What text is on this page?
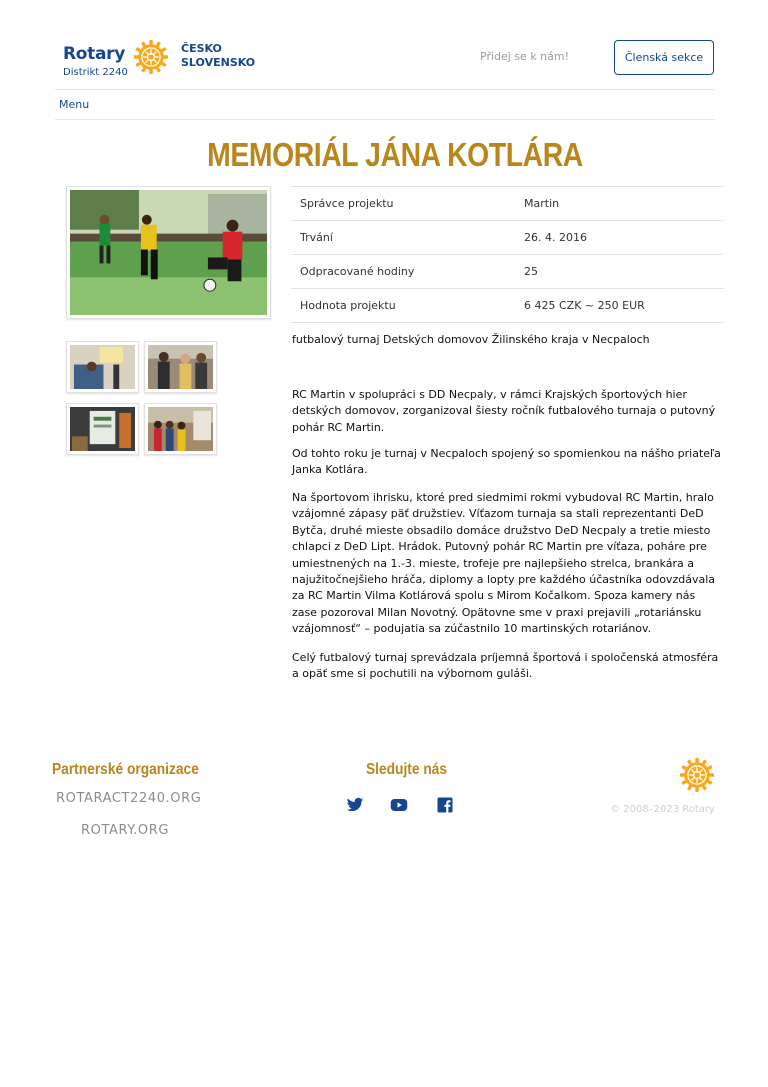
Rotary
Distrikt 2240
ČESKO
SLOVENSKO	Přidej se k nám!	Členská sekce
Menu
MEMORIÁL JÁNA KOTLÁRA
Správce projektu	Martin
Trvání	26. 4. 2016
Odpracované hodiny	25
Hodnota projektu	6 425 CZK ~ 250 EUR

futbalový turnaj Detských domovov Žilinského kraja v Necpaloch

RC Martin v spolupráci s DD Necpaly, v rámci Krajských športových hier detských domovov, zorganizoval šiesty ročník futbalového turnaja o putovný pohár RC Martin.

Od tohto roku je turnaj v Necpaloch spojený so spomienkou na nášho priateľa Janka Kotlára.

Na športovom ihrisku, ktoré pred siedmimi rokmi vybudoval RC Martin, hralo vzájomné zápasy päť družstiev. Víťazom turnaja sa stali reprezentanti DeD Bytča, druhé mieste obsadilo domáce družstvo DeD Necpaly a tretie miesto chlapci z DeD Lipt. Hrádok. Putovný pohár RC Martin pre víťaza, poháre pre umiestnených na 1.-3. mieste, trofeje pre najlepšieho strelca, brankára a najužitočnejšieho hráča, diplomy a lopty pre každého účastníka odovzdávala za RC Martin Vilma Kotlárová spolu s Mirom Kočalkom. Spoza kamery nás zase pozoroval Milan Novotný. Opätovne sme v praxi prejavili „rotariánsku vzájomnosť“ – podujatia sa zúčastnilo 10 martinských rotariánov.

Celý futbalový turnaj sprevádzala príjemná športová i spoločenská atmosféra a opäť sme si pochutili na výbornom guláši.

Partnerské organizace
ROTARACT2240.ORG
ROTARY.ORG
Sledujte nás
© 2008–2023 Rotary
